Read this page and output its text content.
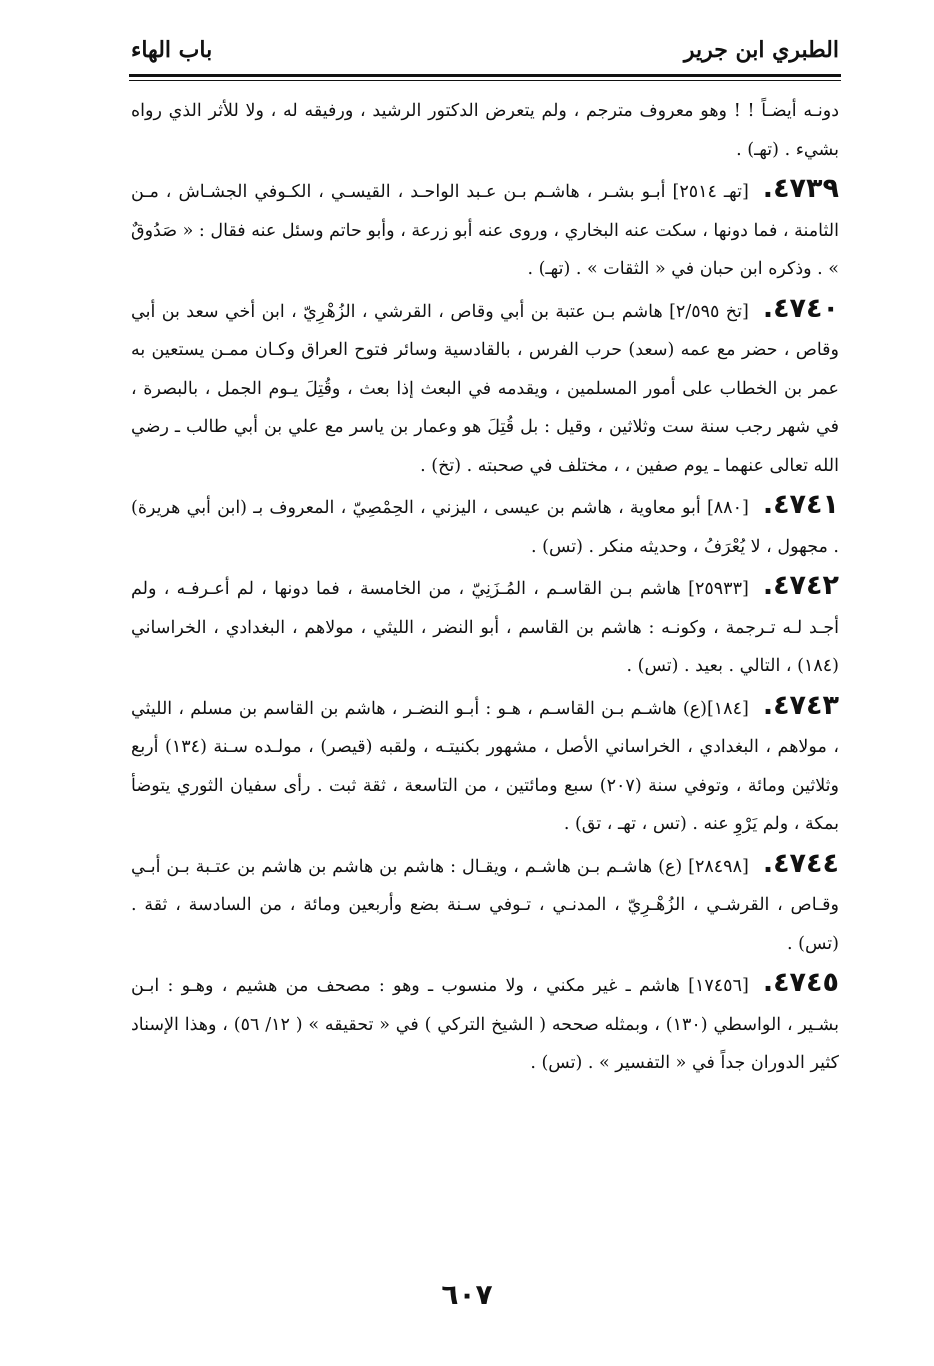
الطبري ابن جرير
باب الهاء

دونـه أيضـاً ! ! وهو معروف مترجم ، ولم يتعرض الدكتور الرشيد ، ورفيقه له ، ولا للأثر الذي رواه بشيء . (تهـ) .

٤٧٣٩.[تهـ ٢٥١٤] أبـو بشـر ، هاشـم بـن عـبد الواحـد ، القيسـي ، الكـوفي الجشـاش ، مـن الثامنة ، فما دونها ، سكت عنه البخاري ، وروى عنه أبو زرعة ، وأبو حاتم وسئل عنه فقال : « صَدُوقٌ » . وذكره ابن حبان في « الثقات » . (تهـ) .

٤٧٤٠.[تخ ٢/٥٩٥] هاشم بـن عتبة بن أبي وقاص ، القرشي ، الزُهْرِيّ ، ابن أخي سعد بن أبي وقاص ، حضر مع عمه (سعد) حرب الفرس ، بالقادسية وسائر فتوح العراق وكـان ممـن يستعين به عمر بن الخطاب على أمور المسلمين ، ويقدمه في البعث إذا بعث ، وقُتِلَ يـوم الجمل ، بالبصرة ، في شهر رجب سنة ست وثلاثين ، وقيل : بل قُتِلَ هو وعمار بن ياسر مع علي بن أبي طالب ـ رضي الله تعالى عنهما ـ يوم صفين ، ، مختلف في صحبته . (تخ) .

٤٧٤١.[٨٨٠] أبو معاوية ، هاشم بن عيسى ، اليزني ، الحِمْصِيّ ، المعروف بـ (ابن أبي هريرة) . مجهول ، لا يُعْرَفُ ، وحديثه منكر . (تس) .

٤٧٤٢.[٢٥٩٣٣] هاشم بـن القاسـم ، المُـزَنِيّ ، من الخامسة ، فما دونها ، لم أعـرفـه ، ولم أجـد لـه تـرجمة ، وكونـه : هاشم بن القاسم ، أبو النضر ، الليثي ، مولاهم ، البغدادي ، الخراساني (١٨٤) ، التالي . بعيد . (تس) .

٤٧٤٣.[١٨٤](ع) هاشـم بـن القاسـم ، هـو : أبـو النضـر ، هاشم بن القاسم بن مسلم ، الليثي ، مولاهم ، البغدادي ، الخراساني الأصل ، مشهور بكنيتـه ، ولقبه (قيصر) ، مولـده سـنة (١٣٤) أربع وثلاثين ومائة ، وتوفي سنة (٢٠٧) سبع ومائتين ، من التاسعة ، ثقة ثبت . رأى سفيان الثوري يتوضأ بمكة ، ولم يَرْوِ عنه . (تس ، تهـ ، تق) .

٤٧٤٤.[٢٨٤٩٨] (ع) هاشـم بـن هاشـم ، ويقـال : هاشم بن هاشم بن هاشم بن عتـبة بـن أبـي وقـاص ، القرشـي ، الزُهْـرِيّ ، المدنـي ، تـوفي سـنة بضع وأربعين ومائة ، من السادسة ، ثقة . (تس) .

٤٧٤٥.[١٧٤٥٦] هاشم ـ غير مكني ، ولا منسوب ـ وهو : مصحف من هشيم ، وهـو : ابـن بشـير ، الواسطي (١٣٠) ، وبمثله صححه ( الشيخ التركي ) في « تحقيقه » ( ١٢/ ٥٦) ، وهذا الإسناد كثير الدوران جداً في « التفسير » . (تس) .

٦٠٧
